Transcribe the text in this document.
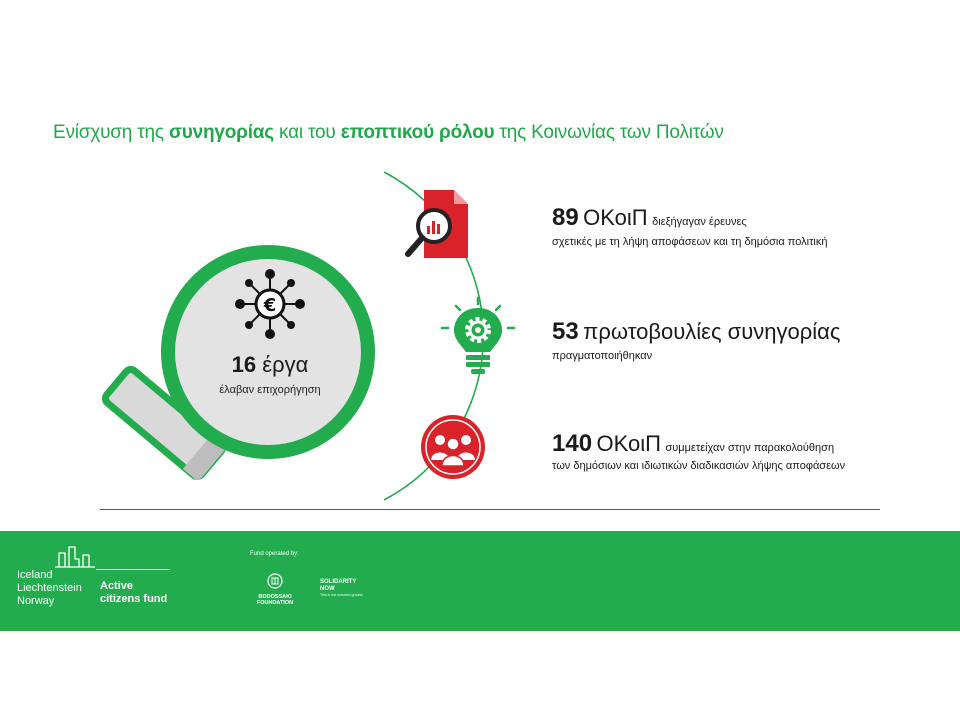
Ενίσχυση της συνηγορίας και του εποπτικού ρόλου της Κοινωνίας των Πολιτών
€
16 έργα
έλαβαν επιχορήγηση
89 ΟΚοιΠ διεξήγαγαν έρευνες
σχετικές με τη λήψη αποφάσεων και τη δημόσια πολιτική
53 πρωτοβουλίες συνηγορίας
πραγματοποιήθηκαν
140 ΟΚοιΠ συμμετείχαν στην παρακολούθηση
των δημόσιων και ιδιωτικών διαδικασιών λήψης αποφάσεων
Iceland
Liechtenstein
Norway
Active
citizens fund
Fund operated by:
BODOSSAKI
FOUNDATION
SOLIDARITY
NOW
This is our common ground
